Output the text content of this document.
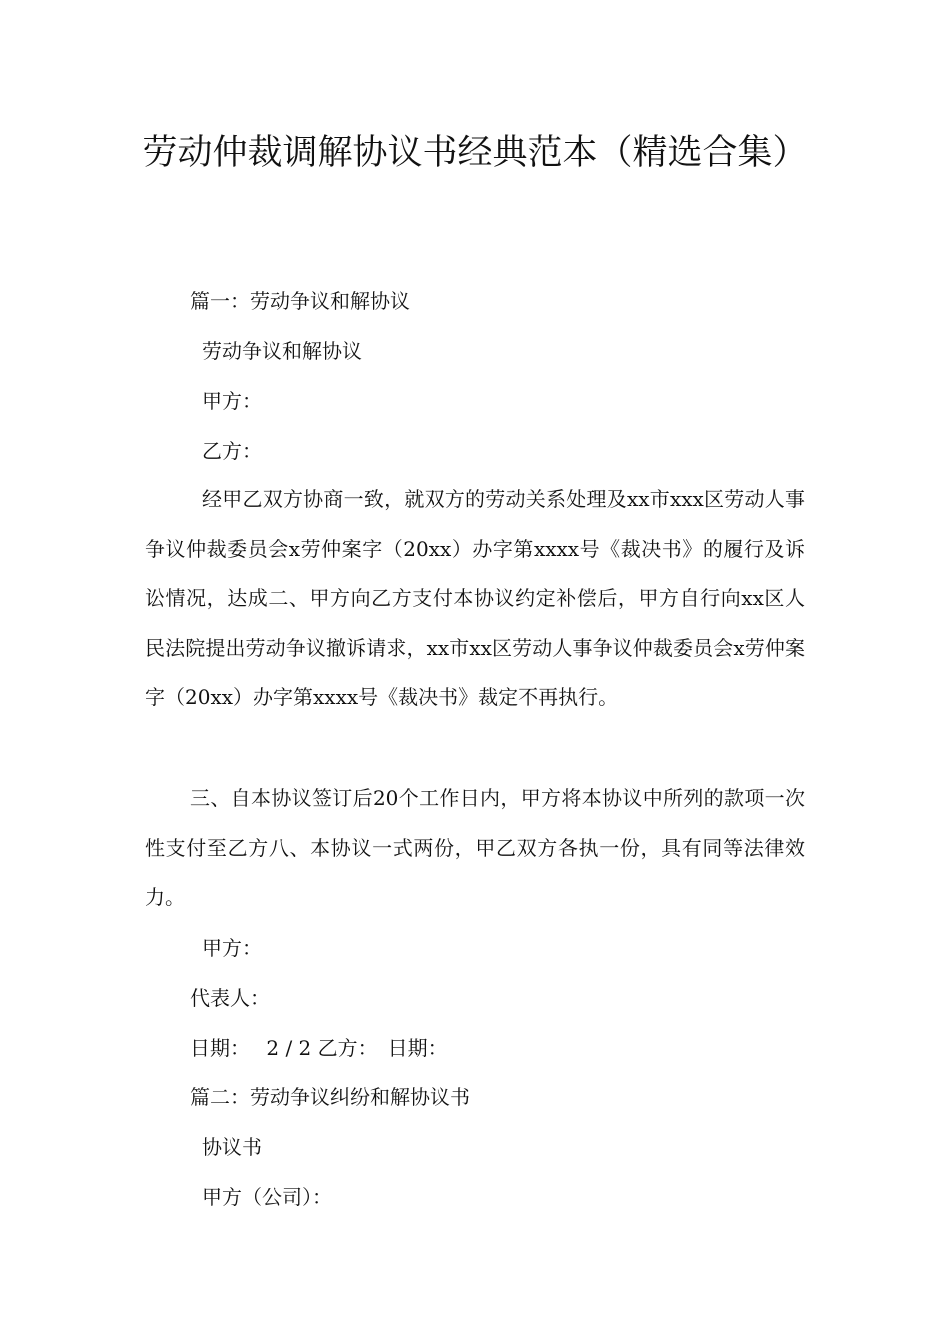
劳动仲裁调解协议书经典范本（精选合集）

篇一：劳动争议和解协议

劳动争议和解协议

甲方：

乙方：

经甲乙双方协商一致，就双方的劳动关系处理及xx市xxx区劳动人事争议仲裁委员会x劳仲案字（20xx）办字第xxxx号《裁决书》的履行及诉讼情况，达成二、甲方向乙方支付本协议约定补偿后，甲方自行向xx区人民法院提出劳动争议撤诉请求，xx市xx区劳动人事争议仲裁委员会x劳仲案字（20xx）办字第xxxx号《裁决书》裁定不再执行。

三、自本协议签订后20个工作日内，甲方将本协议中所列的款项一次性支付至乙方八、本协议一式两份，甲乙双方各执一份，具有同等法律效力。

甲方：

代表人：

日期：　 2 / 2 乙方：　日期：

篇二：劳动争议纠纷和解协议书

协议书

甲方（公司）：
